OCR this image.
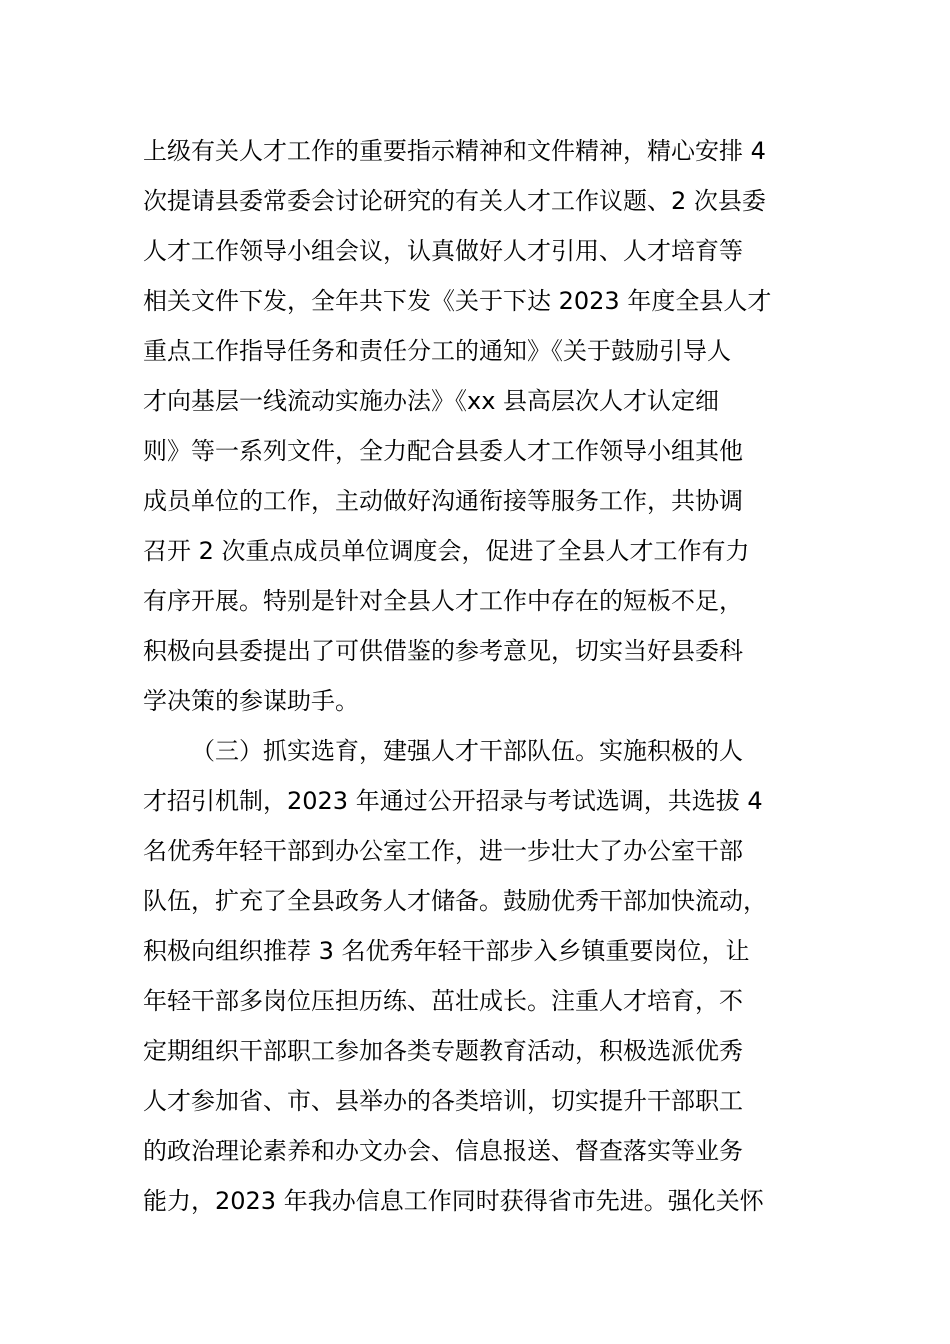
上级有关人才工作的重要指示精神和文件精神，精心安排 4
次提请县委常委会讨论研究的有关人才工作议题、2 次县委
人才工作领导小组会议，认真做好人才引用、人才培育等
相关文件下发，全年共下发《关于下达 2023 年度全县人才
重点工作指导任务和责任分工的通知》《关于鼓励引导人
才向基层一线流动实施办法》《xx 县高层次人才认定细
则》等一系列文件，全力配合县委人才工作领导小组其他
成员单位的工作，主动做好沟通衔接等服务工作，共协调
召开 2 次重点成员单位调度会，促进了全县人才工作有力
有序开展。特别是针对全县人才工作中存在的短板不足，
积极向县委提出了可供借鉴的参考意见，切实当好县委科
学决策的参谋助手。
（三）抓实选育，建强人才干部队伍。实施积极的人
才招引机制，2023 年通过公开招录与考试选调，共选拔 4
名优秀年轻干部到办公室工作，进一步壮大了办公室干部
队伍，扩充了全县政务人才储备。鼓励优秀干部加快流动，
积极向组织推荐 3 名优秀年轻干部步入乡镇重要岗位，让
年轻干部多岗位压担历练、茁壮成长。注重人才培育，不
定期组织干部职工参加各类专题教育活动，积极选派优秀
人才参加省、市、县举办的各类培训，切实提升干部职工
的政治理论素养和办文办会、信息报送、督查落实等业务
能力，2023 年我办信息工作同时获得省市先进。强化关怀
